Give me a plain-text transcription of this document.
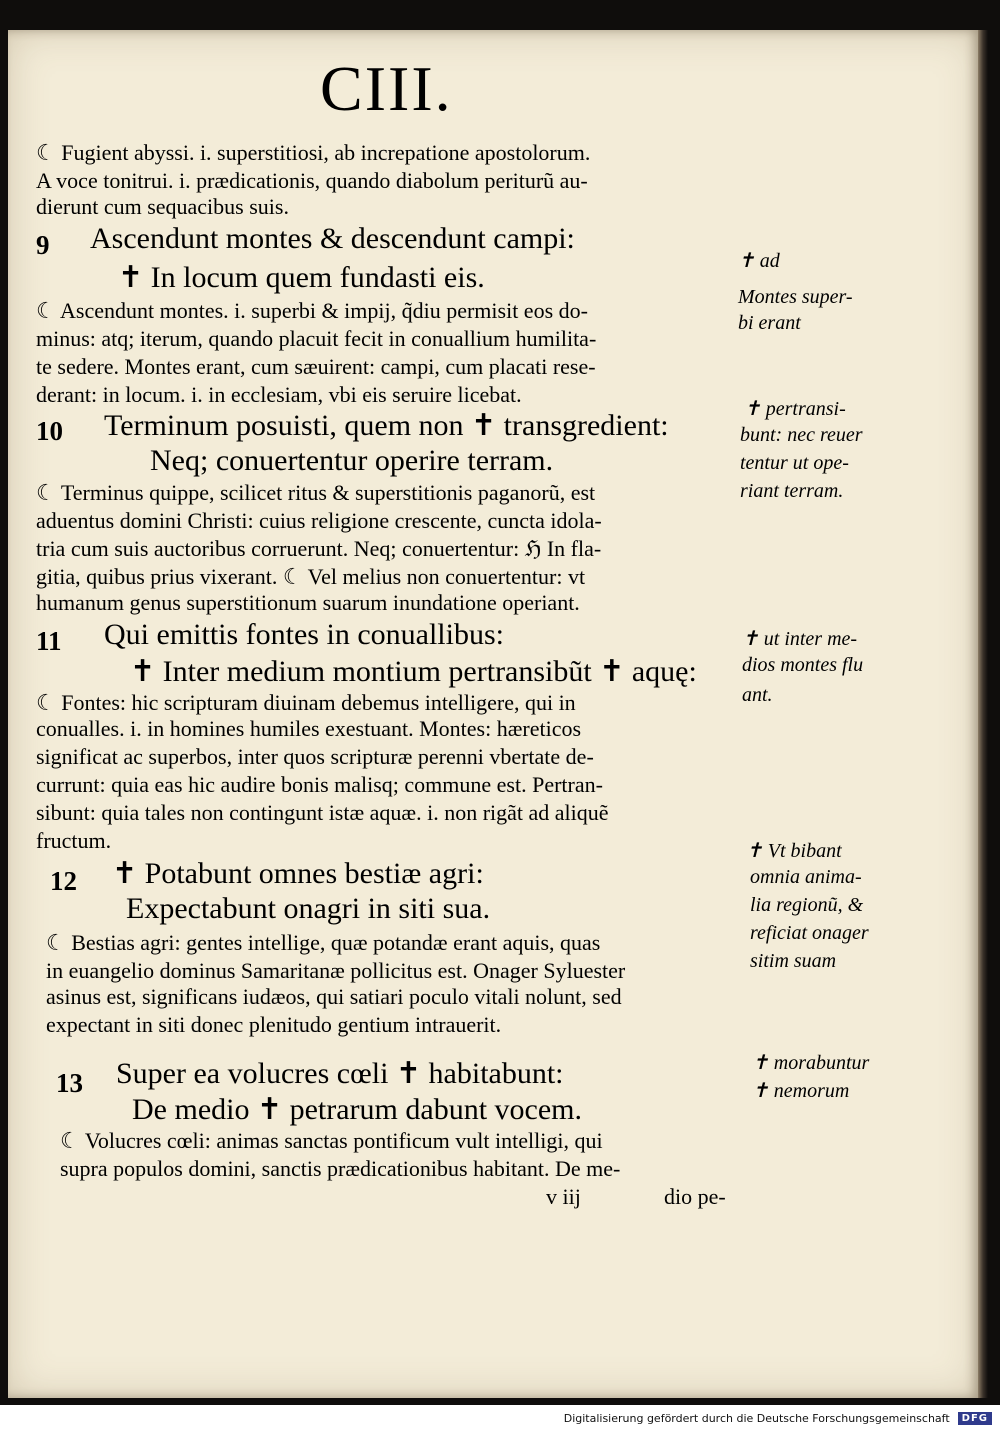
CIII.
☾ Fugient abyssi. i. superstitiosi, ab increpatione apostolorum.
A voce tonitrui. i. prædicationis, quando diabolum periturũ au-
dierunt cum sequacibus suis.
9 Ascendunt montes & descendunt campi:
✝ In locum quem fundasti eis.
☾ Ascendunt montes. i. superbi & impij, q̃diu permisit eos do-
minus: atq; iterum, quando placuit fecit in conuallium humilita-
te sedere. Montes erant, cum sæuirent: campi, cum placati rese-
derant: in locum. i. in ecclesiam, vbi eis seruire licebat.
10 Terminum posuisti, quem non ✝ transgredient:
Neq; conuertentur operire terram.
☾ Terminus quippe, scilicet ritus & superstitionis paganorũ, est
aduentus domini Christi: cuius religione crescente, cuncta idola-
tria cum suis auctoribus corruerunt. Neq; conuertentur: ℌ In fla-
gitia, quibus prius vixerant. ☾ Vel melius non conuertentur: vt
humanum genus superstitionum suarum inundatione operiant.
11 Qui emittis fontes in conuallibus:
✝ Inter medium montium pertransibũt ✝ aquę:
☾ Fontes: hic scripturam diuinam debemus intelligere, qui in
conualles. i. in homines humiles exestuant. Montes: hæreticos
significat ac superbos, inter quos scripturæ perenni vbertate de-
currunt: quia eas hic audire bonis malisq; commune est. Pertran-
sibunt: quia tales non contingunt istæ aquæ. i. non rigãt ad aliquẽ
fructum.
12 ✝ Potabunt omnes bestiæ agri:
Expectabunt onagri in siti sua.
☾ Bestias agri: gentes intellige, quæ potandæ erant aquis, quas
in euangelio dominus Samaritanæ pollicitus est. Onager Syluester
asinus est, significans iudæos, qui satiari poculo vitali nolunt, sed
expectant in siti donec plenitudo gentium intrauerit.
13 Super ea volucres cœli ✝ habitabunt:
De medio ✝ petrarum dabunt vocem.
☾ Volucres cœli: animas sanctas pontificum vult intelligi, qui
supra populos domini, sanctis prædicationibus habitant. De me-
v iij	dio pe-
✝ ad
Montes super-
bi erant
✝ pertransi-
bunt: nec reuer
tentur ut ope-
riant terram.
✝ ut inter me-
dios montes flu
ant.
✝ Vt bibant
omnia anima-
lia regionũ, &
reficiat onager
sitim suam
✝ morabuntur
✝ nemorum
Digitalisierung gefördert durch die Deutsche Forschungsgemeinschaft	DFG
